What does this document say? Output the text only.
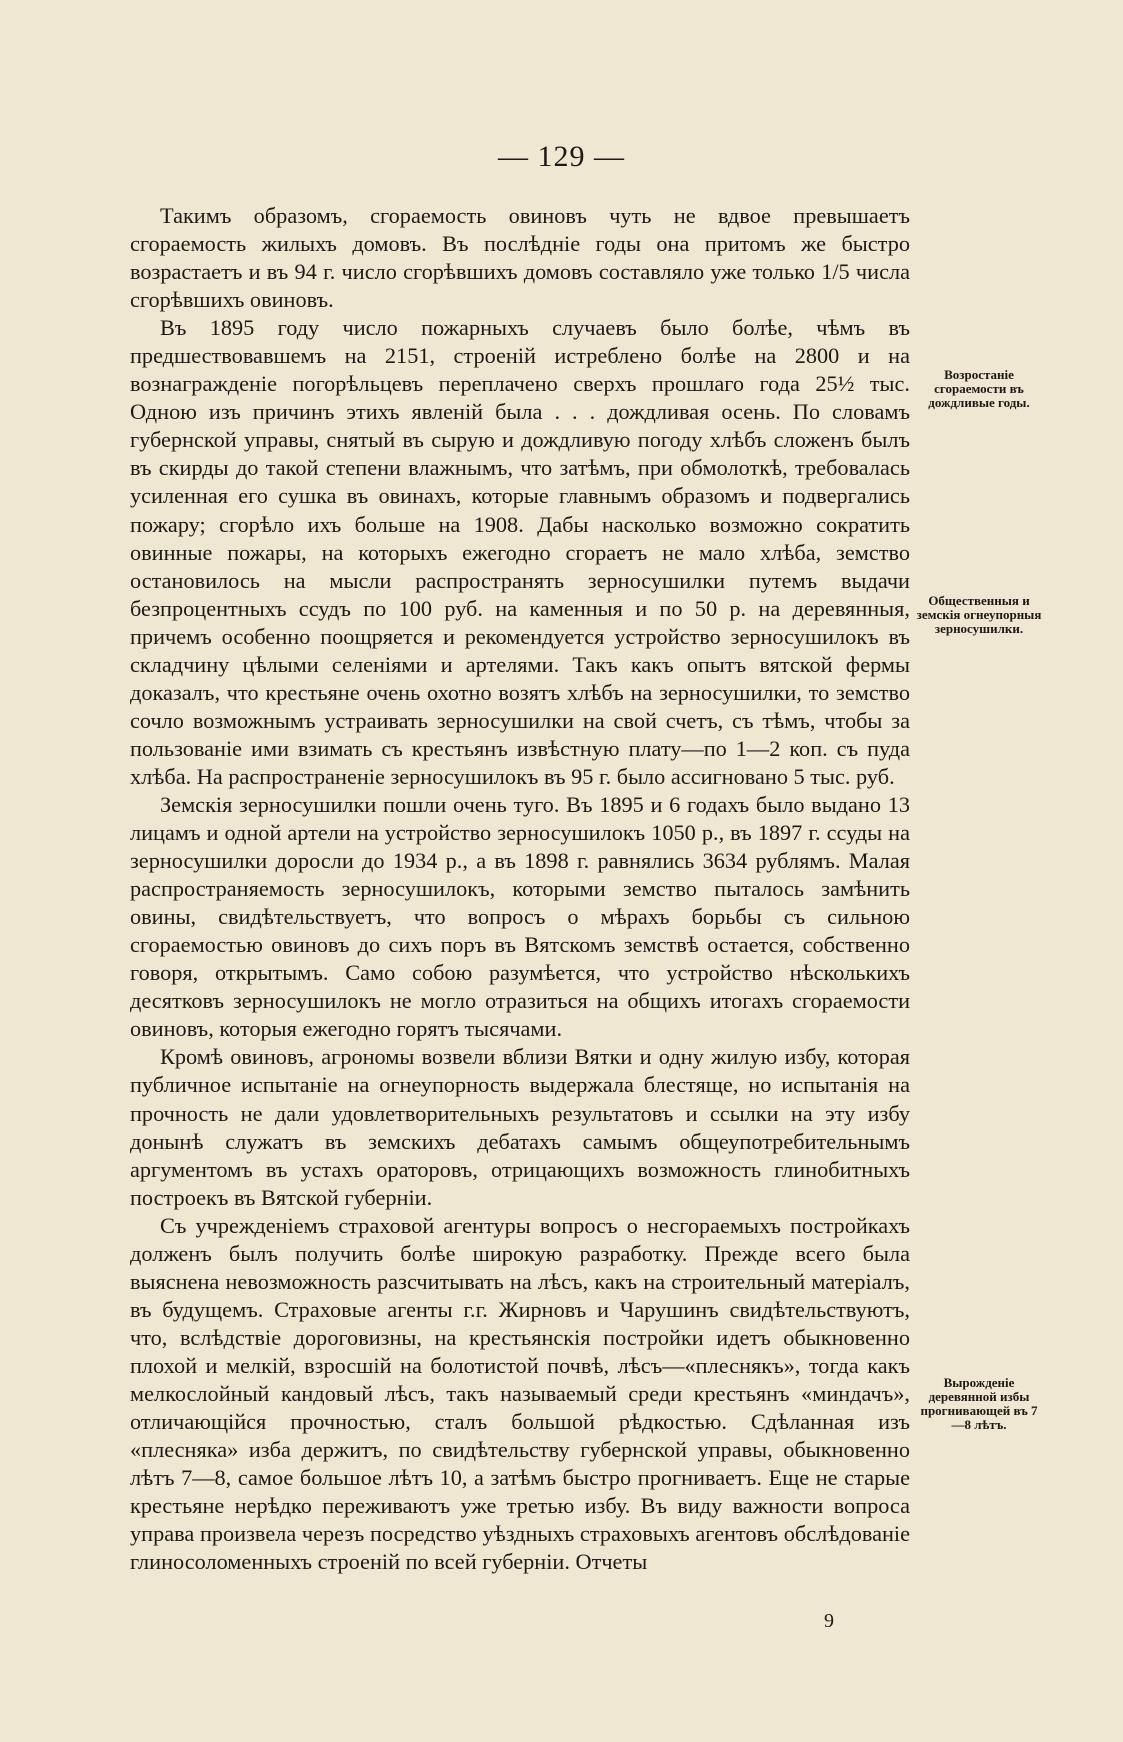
— 129 —

Такимъ образомъ, сгораемость овиновъ чуть не вдвое превышаетъ сгораемость жилыхъ домовъ. Въ послѣдніе годы она притомъ же быстро возрастаетъ и въ 94 г. число сгорѣвшихъ домовъ составляло уже только 1/5 числа сгорѣвшихъ овиновъ.

Въ 1895 году число пожарныхъ случаевъ было болѣе, чѣмъ въ предшествовавшемъ на 2151, строеній истреблено болѣе на 2800 и на вознагражденіе погорѣльцевъ переплачено сверхъ прошлаго года 25½ тыс. Одною изъ причинъ этихъ явленій была . . . дождливая осень. По словамъ губернской управы, снятый въ сырую и дождливую погоду хлѣбъ сложенъ былъ въ скирды до такой степени влажнымъ, что затѣмъ, при обмолоткѣ, требовалась усиленная его сушка въ овинахъ, которые главнымъ образомъ и подвергались пожару; сгорѣло ихъ больше на 1908. Дабы насколько возможно сократить овинные пожары, на которыхъ ежегодно сгораетъ не мало хлѣба, земство остановилось на мысли распространять зерносушилки путемъ выдачи безпроцентныхъ ссудъ по 100 руб. на каменныя и по 50 р. на деревянныя, причемъ особенно поощряется и рекомендуется устройство зерносушилокъ въ складчину цѣлыми селеніями и артелями. Такъ какъ опытъ вятской фермы доказалъ, что крестьяне очень охотно возятъ хлѣбъ на зерносушилки, то земство сочло возможнымъ устраивать зерносушилки на свой счетъ, съ тѣмъ, чтобы за пользованіе ими взимать съ крестьянъ извѣстную плату—по 1—2 коп. съ пуда хлѣба. На распространеніе зерносушилокъ въ 95 г. было ассигновано 5 тыс. руб.

Земскія зерносушилки пошли очень туго. Въ 1895 и 6 годахъ было выдано 13 лицамъ и одной артели на устройство зерносушилокъ 1050 р., въ 1897 г. ссуды на зерносушилки доросли до 1934 р., а въ 1898 г. равнялись 3634 рублямъ. Малая распространяемость зерносушилокъ, которыми земство пыталось замѣнить овины, свидѣтельствуетъ, что вопросъ о мѣрахъ борьбы съ сильною сгораемостью овиновъ до сихъ поръ въ Вятскомъ земствѣ остается, собственно говоря, открытымъ. Само собою разумѣется, что устройство нѣсколькихъ десятковъ зерносушилокъ не могло отразиться на общихъ итогахъ сгораемости овиновъ, которыя ежегодно горятъ тысячами.

Кромѣ овиновъ, агрономы возвели вблизи Вятки и одну жилую избу, которая публичное испытаніе на огнеупорность выдержала блестяще, но испытанія на прочность не дали удовлетворительныхъ результатовъ и ссылки на эту избу донынѣ служатъ въ земскихъ дебатахъ самымъ общеупотребительнымъ аргументомъ въ устахъ ораторовъ, отрицающихъ возможность глинобитныхъ построекъ въ Вятской губерніи.

Съ учрежденіемъ страховой агентуры вопросъ о несгораемыхъ постройкахъ долженъ былъ получить болѣе широкую разработку. Прежде всего была выяснена невозможность разсчитывать на лѣсъ, какъ на строительный матеріалъ, въ будущемъ. Страховые агенты г.г. Жирновъ и Чарушинъ свидѣтельствуютъ, что, вслѣдствіе дороговизны, на крестьянскія постройки идетъ обыкновенно плохой и мелкій, взросшій на болотистой почвѣ, лѣсъ—«плеснякъ», тогда какъ мелкослойный кандовый лѣсъ, такъ называемый среди крестьянъ «миндачъ», отличающійся прочностью, сталъ большой рѣдкостью. Сдѣланная изъ «плесняка» изба держитъ, по свидѣтельству губернской управы, обыкновенно лѣтъ 7—8, самое большое лѣтъ 10, а затѣмъ быстро прогниваетъ. Еще не старые крестьяне нерѣдко переживаютъ уже третью избу. Въ виду важности вопроса управа произвела черезъ посредство уѣздныхъ страховыхъ агентовъ обслѣдованіе глиносоломенныхъ строеній по всей губерніи. Отчеты

Возростаніе сгораемости въ дождливые годы.
Общественныя и земскія огнеупорныя зерносушилки.
Вырожденіе деревянной избы прогнивающей въ 7—8 лѣтъ.
9
